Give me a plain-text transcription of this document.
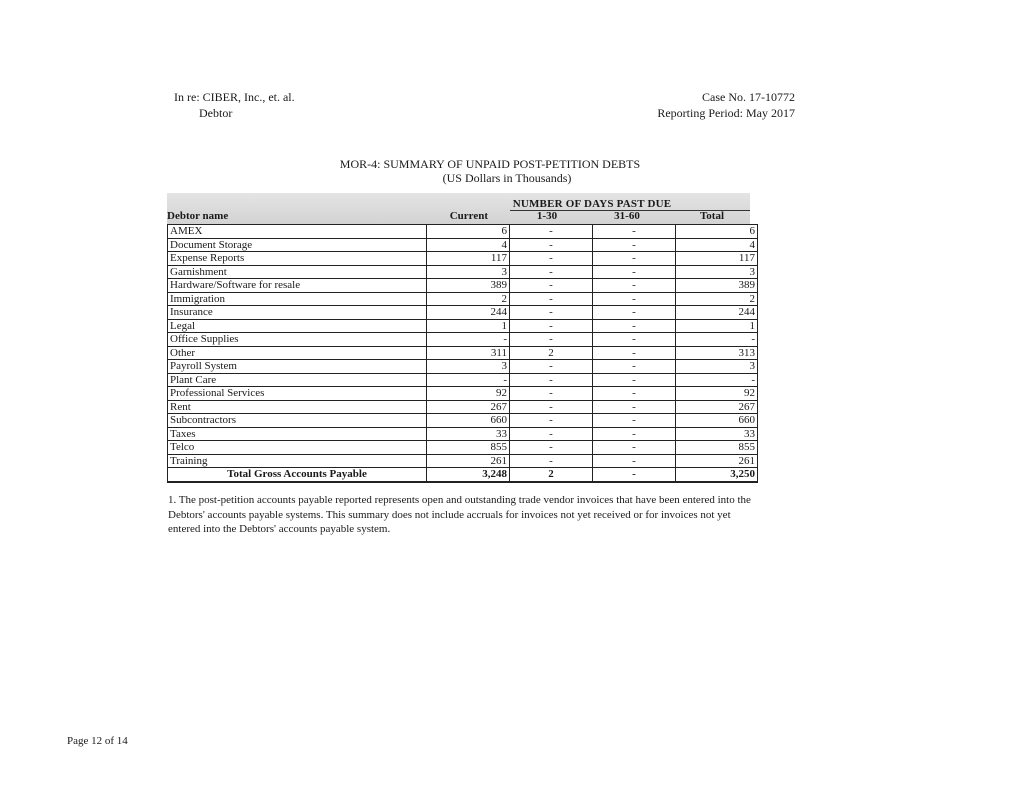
In re: CIBER, Inc., et. al.
Debtor
Case No. 17-10772
Reporting Period: May 2017
MOR-4: SUMMARY OF UNPAID POST-PETITION DEBTS
(US Dollars in Thousands)
NUMBER OF DAYS PAST DUE
Debtor name	Current	1-30	31-60	Total
AMEX	6	-	-	6
Document Storage	4	-	-	4
Expense Reports	117	-	-	117
Garnishment	3	-	-	3
Hardware/Software for resale	389	-	-	389
Immigration	2	-	-	2
Insurance	244	-	-	244
Legal	1	-	-	1
Office Supplies	-	-	-	-
Other	311	2	-	313
Payroll System	3	-	-	3
Plant Care	-	-	-	-
Professional Services	92	-	-	92
Rent	267	-	-	267
Subcontractors	660	-	-	660
Taxes	33	-	-	33
Telco	855	-	-	855
Training	261	-	-	261
Total Gross Accounts Payable	3,248	2	-	3,250
1. The post-petition accounts payable reported represents open and outstanding trade vendor invoices that have been entered into the Debtors' accounts payable systems. This summary does not include accruals for invoices not yet received or for invoices not yet entered into the Debtors' accounts payable system.
Page 12 of 14
